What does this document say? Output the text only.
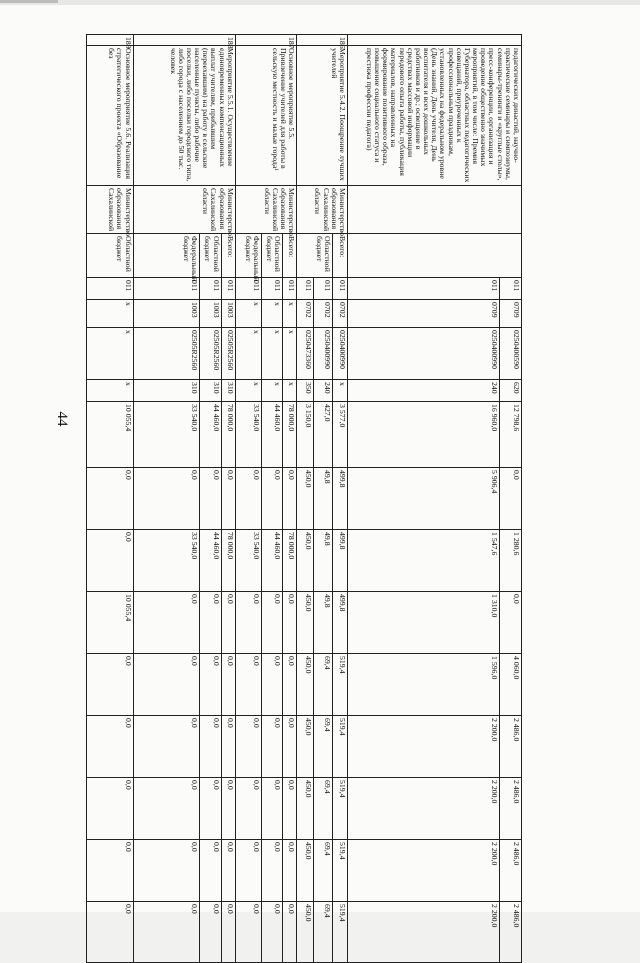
44
	педагогических династий, научно-практические семинары и симпозиумы, семинары-тренинги и «круглые столы», пресс-конференции, организация и проведение общественно значимых мероприятий, в том числе: Премия Губернатора, областных педагогических совещаний, приуроченных к профессиональным праздникам, установленных на федеральном уровне (День знаний, День учителя, День воспитателя и всех дошкольных работников и др.; освещение в средствах массовой информации передового опыта работы, публикация материалов, направленных на формирование позитивного образа, повышение социального статуса и престижа профессии педагога)			011	0709	0250400590	620	12 798,6	0,0	1 280,6	0,0	4 060,0	2 486,0	2 486,0	2 486,0	2 486,0
				011	0709	0250400990	240	16 960,0	5 906,4	1 547,6	1 310,0	1 596,0	2 200,0	2 200,0	2 200,0	2 200,0
186	Мероприятие 5.4.2. Поощрение лучших учителей	Министерство образования Сахалинской области	Всего:	011	0702	0250400990	x	3 577,0	499,8	499,8	499,8	519,4	519,4	519,4	519,4	519,4
			Областной бюджет	011	0702	0250400990	240	427,0	49,8	49,8	49,8	69,4	69,4	69,4	69,4	69,4
				011	0702	0250473360	350	3 150,0	450,0	450,0	450,0	450,0	450,0	450,0	450,0	450,0
187	Основное мероприятие 5.5. Привлечение учителей для работы в сельскую местность и малые города¹	Министерство образования Сахалинской области	Всего:	011	x	x	x	78 000,0	0,0	78 000,0	0,0	0,0	0,0	0,0	0,0	0,0
			Областной бюджет	011	x	x	x	44 460,0	0,0	44 460,0	0,0	0,0	0,0	0,0	0,0	0,0
			Федеральный бюджет	011	x	x	x	33 540,0	0,0	33 540,0	0,0	0,0	0,0	0,0	0,0	0,0
188	Мероприятие 5.5.1. Осуществление единовременных компенсационных выплат учителям, прибывшим (переехавшим) на работу в сельские населенные пункты, либо рабочие поселки, либо поселки городского типа, либо города с населением до 50 тыс. человек	Министерство образования Сахалинской области	Всего:	011	1003	02505R2560	310	78 000,0	0,0	78 000,0	0,0	0,0	0,0	0,0	0,0	0,0
			Областной бюджет	011	1003	02505R2560	310	44 460,0	0,0	44 460,0	0,0	0,0	0,0	0,0	0,0	0,0
			Федеральный бюджет	011	1003	02505R2560	310	33 540,0	0,0	33 540,0	0,0	0,0	0,0	0,0	0,0	0,0
189	Основное мероприятие 5.6. Реализация стратегического проекта «Образование без	Министерство образования Сахалинской	Областной бюджет	011	x	x	x	10 055,4	0,0	0,0	10 055,4	0,0	0,0	0,0	0,0	0,0
